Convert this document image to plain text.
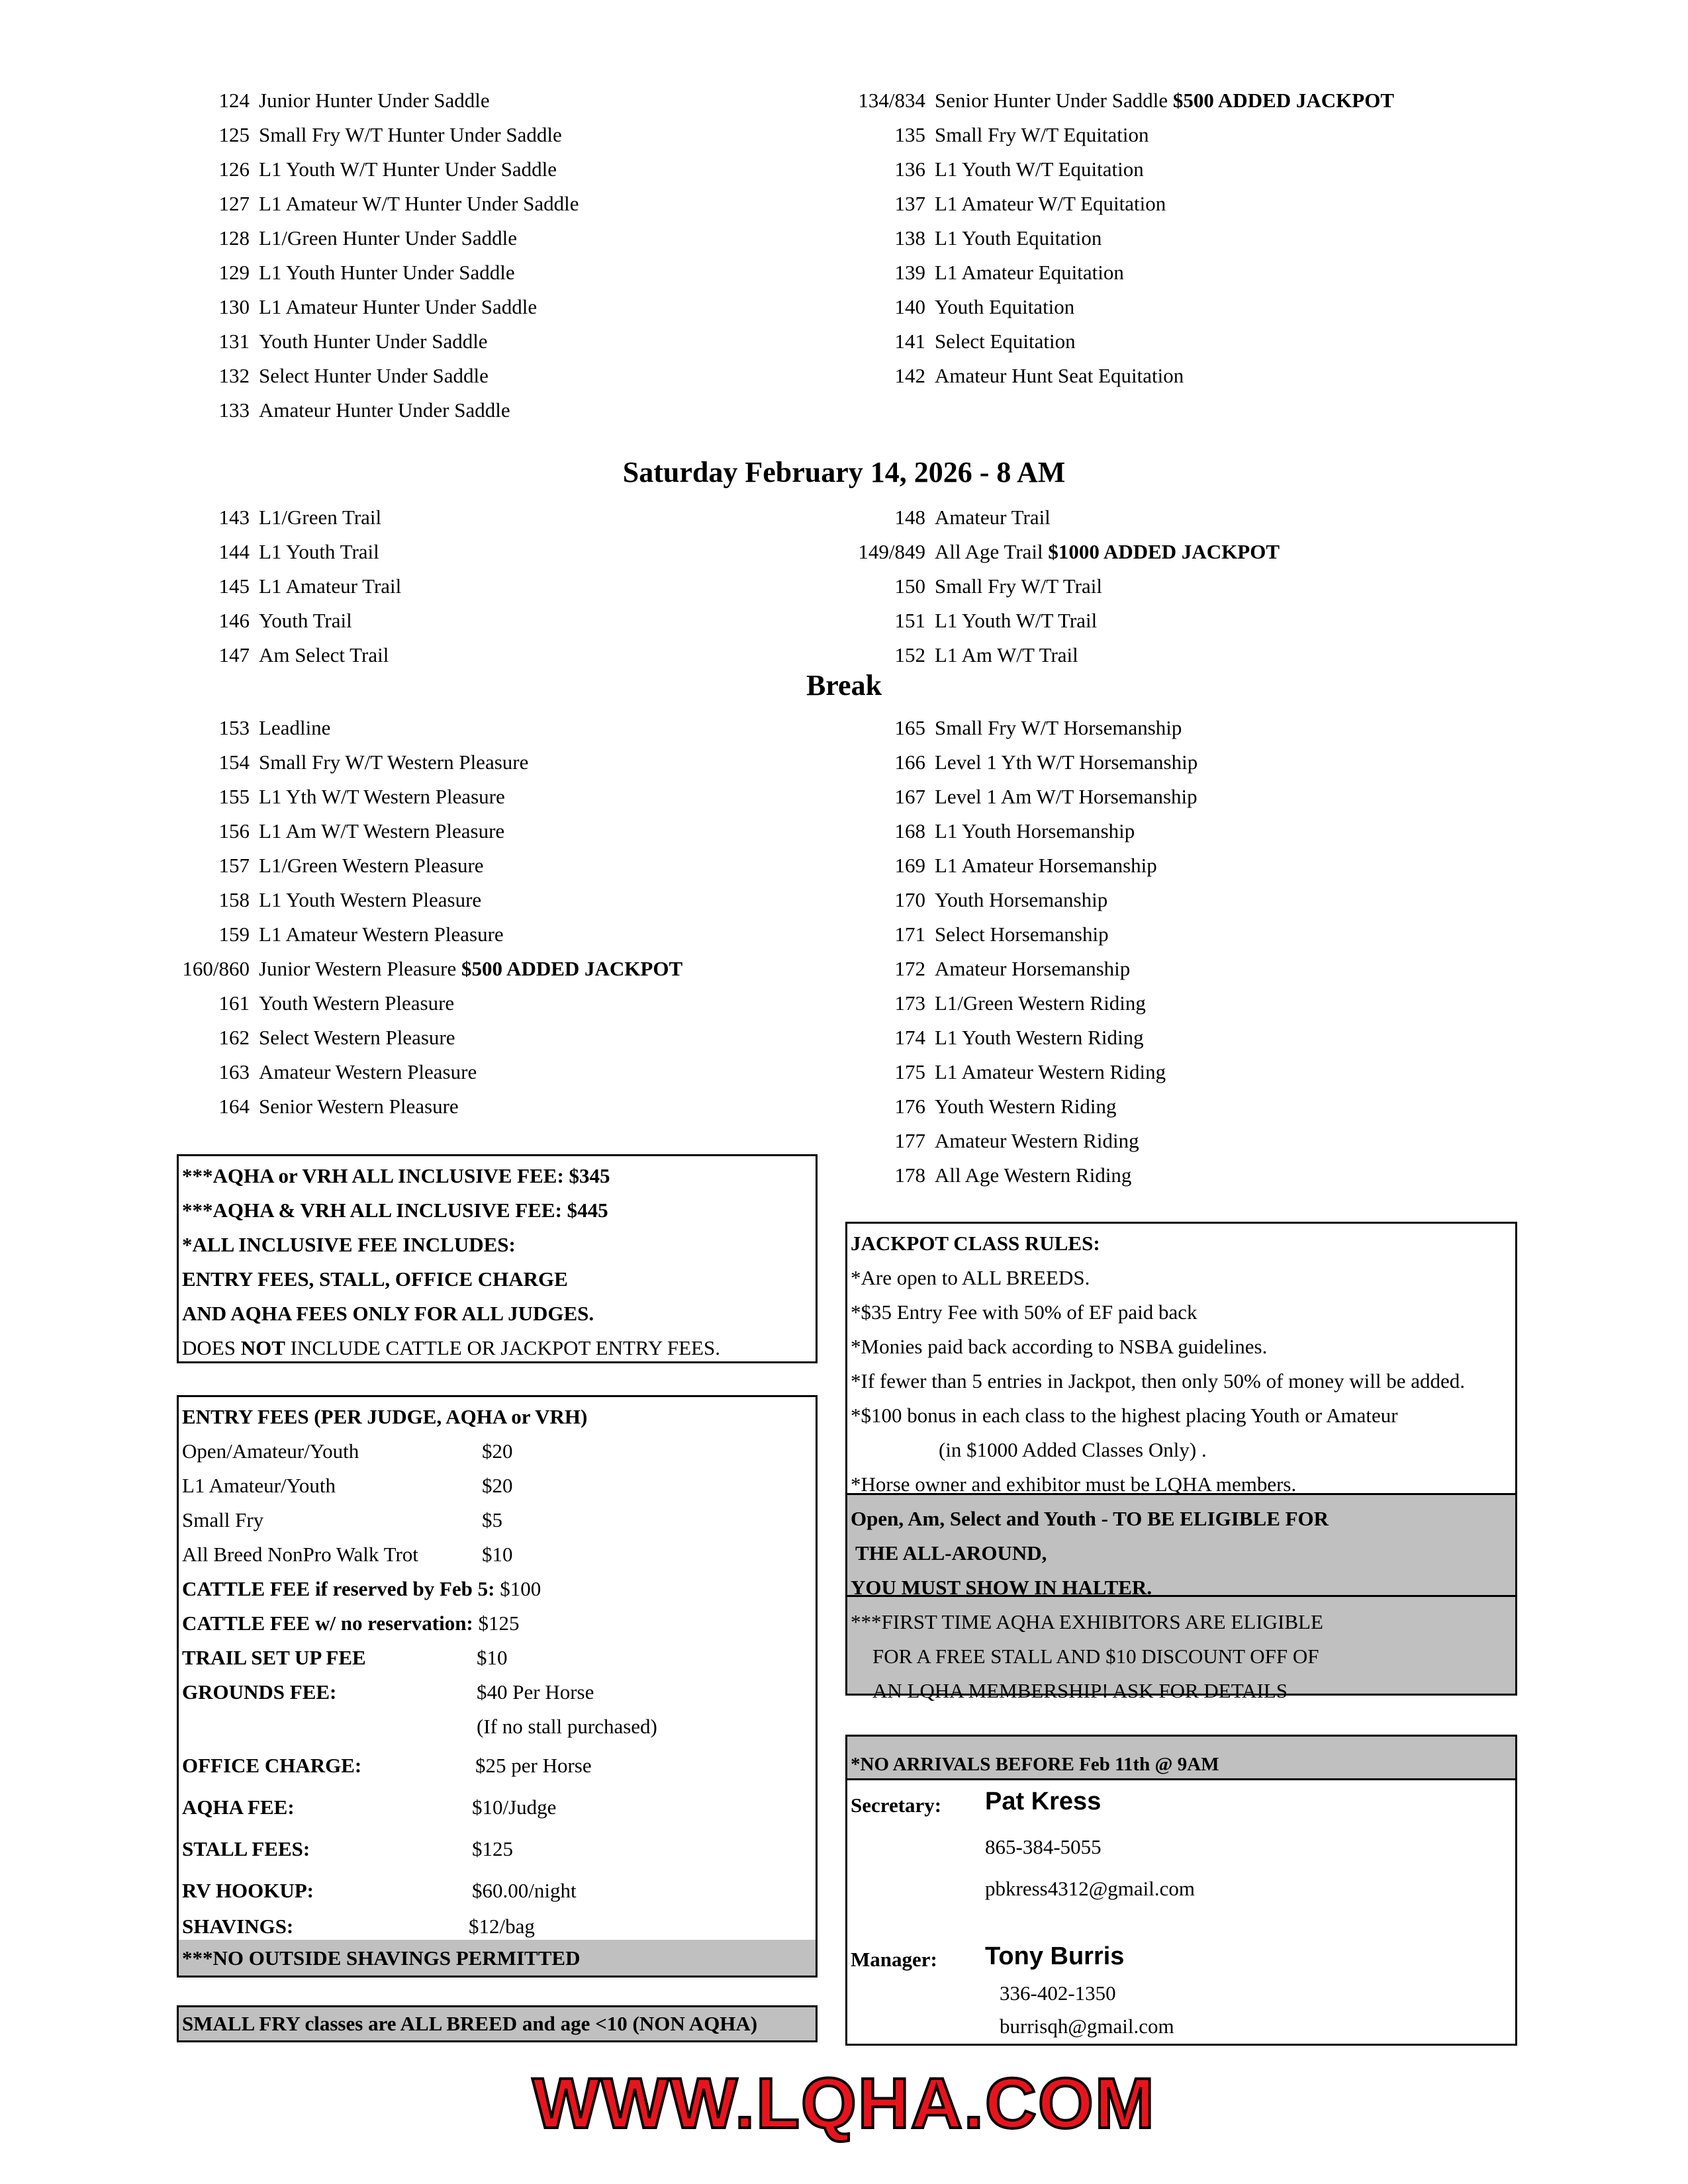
124 Junior Hunter Under Saddle
125 Small Fry W/T Hunter Under Saddle
126 L1 Youth W/T Hunter Under Saddle
127 L1 Amateur W/T Hunter Under Saddle
128 L1/Green Hunter Under Saddle
129 L1 Youth Hunter Under Saddle
130 L1 Amateur Hunter Under Saddle
131 Youth Hunter Under Saddle
132 Select Hunter Under Saddle
133 Amateur Hunter Under Saddle
134/834 Senior Hunter Under Saddle $500 ADDED JACKPOT
135 Small Fry W/T Equitation
136 L1 Youth W/T Equitation
137 L1 Amateur W/T Equitation
138 L1 Youth Equitation
139 L1 Amateur Equitation
140 Youth Equitation
141 Select Equitation
142 Amateur Hunt Seat Equitation
Saturday February 14, 2026 - 8 AM
143 L1/Green Trail
144 L1 Youth Trail
145 L1 Amateur Trail
146 Youth Trail
147 Am Select Trail
148 Amateur Trail
149/849 All Age Trail $1000 ADDED JACKPOT
150 Small Fry W/T Trail
151 L1 Youth W/T Trail
152 L1 Am W/T Trail
Break
153 Leadline
154 Small Fry W/T Western Pleasure
155 L1 Yth W/T Western Pleasure
156 L1 Am W/T Western Pleasure
157 L1/Green Western Pleasure
158 L1 Youth Western Pleasure
159 L1 Amateur Western Pleasure
160/860 Junior Western Pleasure $500 ADDED JACKPOT
161 Youth Western Pleasure
162 Select Western Pleasure
163 Amateur Western Pleasure
164 Senior Western Pleasure
165 Small Fry W/T Horsemanship
166 Level 1 Yth W/T Horsemanship
167 Level 1 Am W/T Horsemanship
168 L1 Youth Horsemanship
169 L1 Amateur Horsemanship
170 Youth Horsemanship
171 Select Horsemanship
172 Amateur Horsemanship
173 L1/Green Western Riding
174 L1 Youth Western Riding
175 L1 Amateur Western Riding
176 Youth Western Riding
177 Amateur Western Riding
178 All Age Western Riding
***AQHA or VRH ALL INCLUSIVE FEE: $345
***AQHA & VRH ALL INCLUSIVE FEE: $445
*ALL INCLUSIVE FEE INCLUDES:
ENTRY FEES, STALL, OFFICE CHARGE
AND AQHA FEES ONLY FOR ALL JUDGES.
DOES NOT INCLUDE CATTLE OR JACKPOT ENTRY FEES.
ENTRY FEES (PER JUDGE, AQHA or VRH)
Open/Amateur/Youth	$20
L1 Amateur/Youth	$20
Small Fry	$5
All Breed NonPro Walk Trot	$10
CATTLE FEE if reserved by Feb 5: $100
CATTLE FEE w/ no reservation: $125
TRAIL SET UP FEE	$10
GROUNDS FEE:	$40 Per Horse
(If no stall purchased)
OFFICE CHARGE:	$25 per Horse
AQHA FEE:	$10/Judge
STALL FEES:	$125
RV HOOKUP:	$60.00/night
SHAVINGS:	$12/bag
***NO OUTSIDE SHAVINGS PERMITTED
SMALL FRY classes are ALL BREED and age <10 (NON AQHA)
JACKPOT CLASS RULES:
*Are open to ALL BREEDS.
*$35 Entry Fee with 50% of EF paid back
*Monies paid back according to NSBA guidelines.
*If fewer than 5 entries in Jackpot, then only 50% of money will be added.
*$100 bonus in each class to the highest placing Youth or Amateur
(in $1000 Added Classes Only) .
*Horse owner and exhibitor must be LQHA members.
Open, Am, Select and Youth - TO BE ELIGIBLE FOR
THE ALL-AROUND,
YOU MUST SHOW IN HALTER.
***FIRST TIME AQHA EXHIBITORS ARE ELIGIBLE
FOR A FREE STALL AND $10 DISCOUNT OFF OF
AN LQHA MEMBERSHIP! ASK FOR DETAILS
*NO ARRIVALS BEFORE Feb 11th @ 9AM
Secretary: Pat Kress
865-384-5055
pbkress4312@gmail.com
Manager: Tony Burris
336-402-1350
burrisqh@gmail.com
WWW.LQHA.COM
